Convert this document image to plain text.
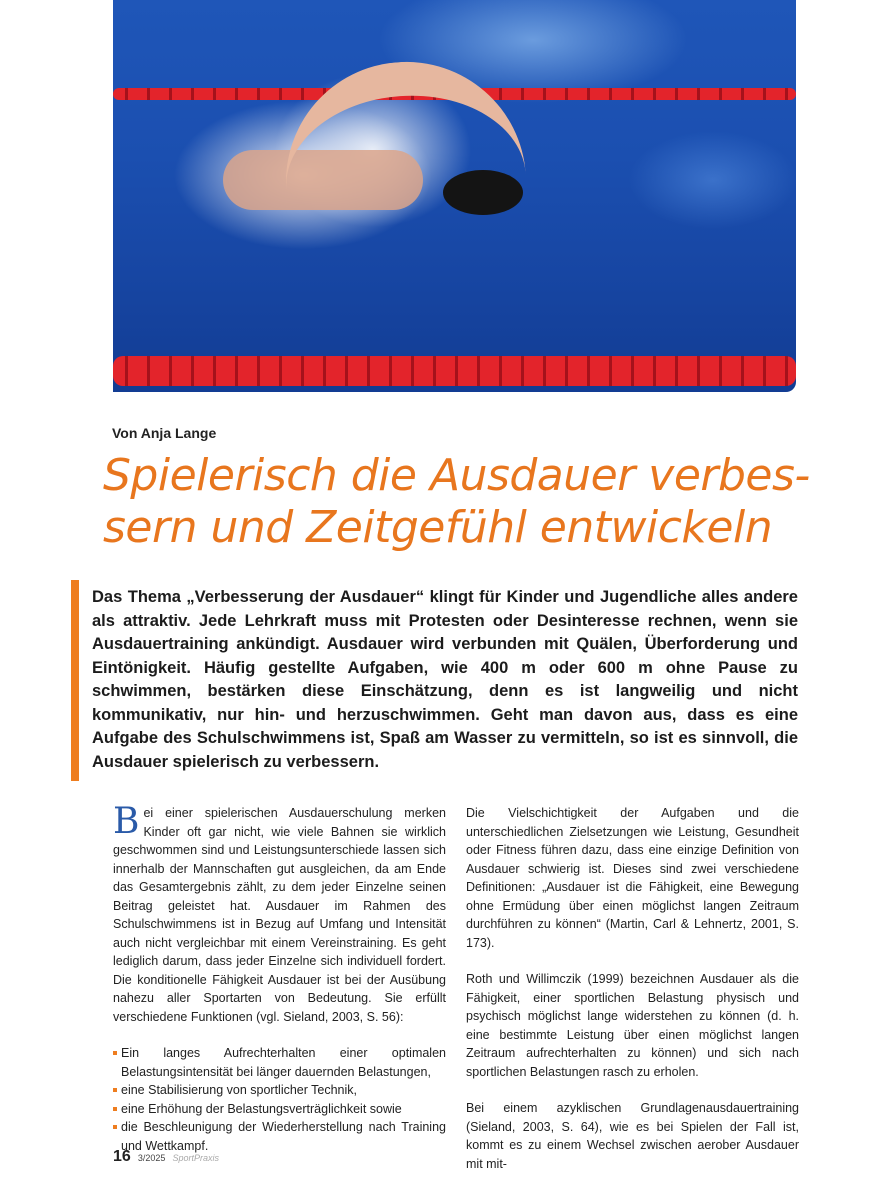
Von Anja Lange
Spielerisch die Ausdauer verbes-sern und Zeitgefühl entwickeln

Das Thema „Verbesserung der Ausdauer“ klingt für Kinder und Jugendliche alles andere als attraktiv. Jede Lehrkraft muss mit Protesten oder Desinteresse rechnen, wenn sie Ausdauertraining ankündigt. Ausdauer wird verbunden mit Quälen, Überforderung und Eintönigkeit. Häufig gestellte Aufgaben, wie 400 m oder 600 m ohne Pause zu schwimmen, bestärken diese Einschätzung, denn es ist langweilig und nicht kommunikativ, nur hin- und herzuschwimmen. Geht man davon aus, dass es eine Aufgabe des Schulschwimmens ist, Spaß am Wasser zu vermitteln, so ist es sinnvoll, die Ausdauer spielerisch zu verbessern.

Bei einer spielerischen Ausdauerschulung merken Kinder oft gar nicht, wie viele Bahnen sie wirklich geschwommen sind und Leistungsunterschiede lassen sich innerhalb der Mannschaften gut ausgleichen, da am Ende das Gesamtergebnis zählt, zu dem jeder Einzelne seinen Beitrag geleistet hat. Ausdauer im Rahmen des Schulschwimmens ist in Bezug auf Umfang und Intensität auch nicht vergleichbar mit einem Vereinstraining. Es geht lediglich darum, dass jeder Einzelne sich individuell fordert. Die konditionelle Fähigkeit Ausdauer ist bei der Ausübung nahezu aller Sportarten von Bedeutung. Sie erfüllt verschiedene Funktionen (vgl. Sieland, 2003, S. 56):

Ein langes Aufrechterhalten einer optimalen Belastungsintensität bei länger dauernden Belastungen,
eine Stabilisierung von sportlicher Technik,
eine Erhöhung der Belastungsverträglichkeit sowie
die Beschleunigung der Wiederherstellung nach Training und Wettkampf.

Die Vielschichtigkeit der Aufgaben und die unterschiedlichen Zielsetzungen wie Leistung, Gesundheit oder Fitness führen dazu, dass eine einzige Definition von Ausdauer schwierig ist. Dieses sind zwei verschiedene Definitionen: „Ausdauer ist die Fähigkeit, eine Bewegung ohne Ermüdung über einen möglichst langen Zeitraum durchführen zu können“ (Martin, Carl & Lehnertz, 2001, S. 173).

Roth und Willimczik (1999) bezeichnen Ausdauer als die Fähigkeit, einer sportlichen Belastung physisch und psychisch möglichst lange widerstehen zu können (d. h. eine bestimmte Leistung über einen möglichst langen Zeitraum aufrechterhalten zu können) und sich nach sportlichen Belastungen rasch zu erholen.

Bei einem azyklischen Grundlagenausdauertraining (Sieland, 2003, S. 64), wie es bei Spielen der Fall ist, kommt es zu einem Wechsel zwischen aerober Ausdauer mit mit-

16 3/2025 SportPraxis
